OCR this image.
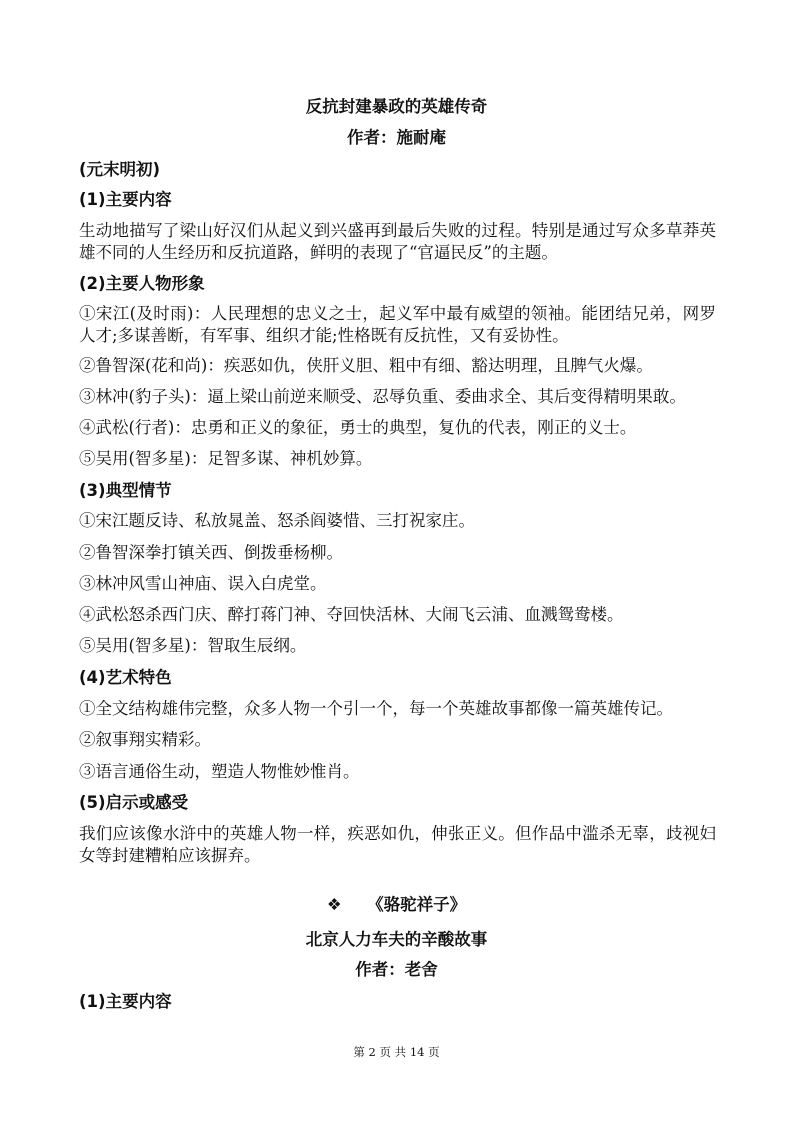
反抗封建暴政的英雄传奇
作者：施耐庵
(元末明初)
(1)主要内容
生动地描写了梁山好汉们从起义到兴盛再到最后失败的过程。特别是通过写众多草莽英雄不同的人生经历和反抗道路，鲜明的表现了“官逼民反”的主题。
(2)主要人物形象
①宋江(及时雨)：人民理想的忠义之士，起义军中最有威望的领袖。能团结兄弟，网罗人才;多谋善断，有军事、组织才能;性格既有反抗性，又有妥协性。
②鲁智深(花和尚)：疾恶如仇，侠肝义胆、粗中有细、豁达明理，且脾气火爆。
③林冲(豹子头)：逼上梁山前逆来顺受、忍辱负重、委曲求全、其后变得精明果敢。
④武松(行者)：忠勇和正义的象征，勇士的典型，复仇的代表，刚正的义士。
⑤吴用(智多星)：足智多谋、神机妙算。
(3)典型情节
①宋江题反诗、私放晁盖、怒杀阎婆惜、三打祝家庄。
②鲁智深拳打镇关西、倒拨垂杨柳。
③林冲风雪山神庙、误入白虎堂。
④武松怒杀西门庆、醉打蒋门神、夺回快活林、大闹飞云浦、血溅鸳鸯楼。
⑤吴用(智多星)：智取生辰纲。
(4)艺术特色
①全文结构雄伟完整，众多人物一个引一个，每一个英雄故事都像一篇英雄传记。
②叙事翔实精彩。
③语言通俗生动，塑造人物惟妙惟肖。
(5)启示或感受
我们应该像水浒中的英雄人物一样，疾恶如仇，伸张正义。但作品中滥杀无辜，歧视妇女等封建糟粕应该摒弃。
❖ 《骆驼祥子》
北京人力车夫的辛酸故事
作者：老舍
(1)主要内容
第 2 页 共 14 页
